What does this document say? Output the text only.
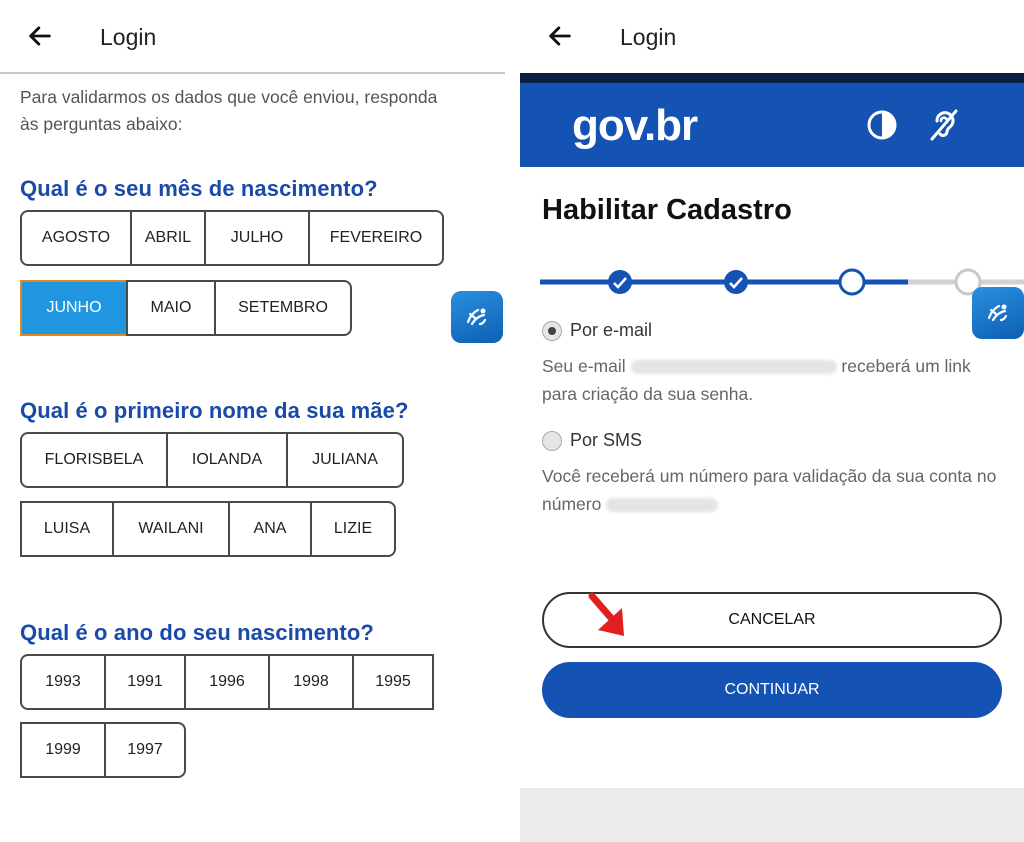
Login
Para validarmos os dados que você enviou, responda às perguntas abaixo:
Qual é o seu mês de nascimento?
AGOSTO	ABRIL	JULHO	FEVEREIRO
JUNHO	MAIO	SETEMBRO
Qual é o primeiro nome da sua mãe?
FLORISBELA	IOLANDA	JULIANA
LUISA	WAILANI	ANA	LIZIE
Qual é o ano do seu nascimento?
1993	1991	1996	1998	1995
1999	1997
Login
gov.br
Habilitar Cadastro
Por e-mail
Seu e-mail	receberá um link para criação da sua senha.
Por SMS
Você receberá um número para validação da sua conta no número
CANCELAR
CONTINUAR
